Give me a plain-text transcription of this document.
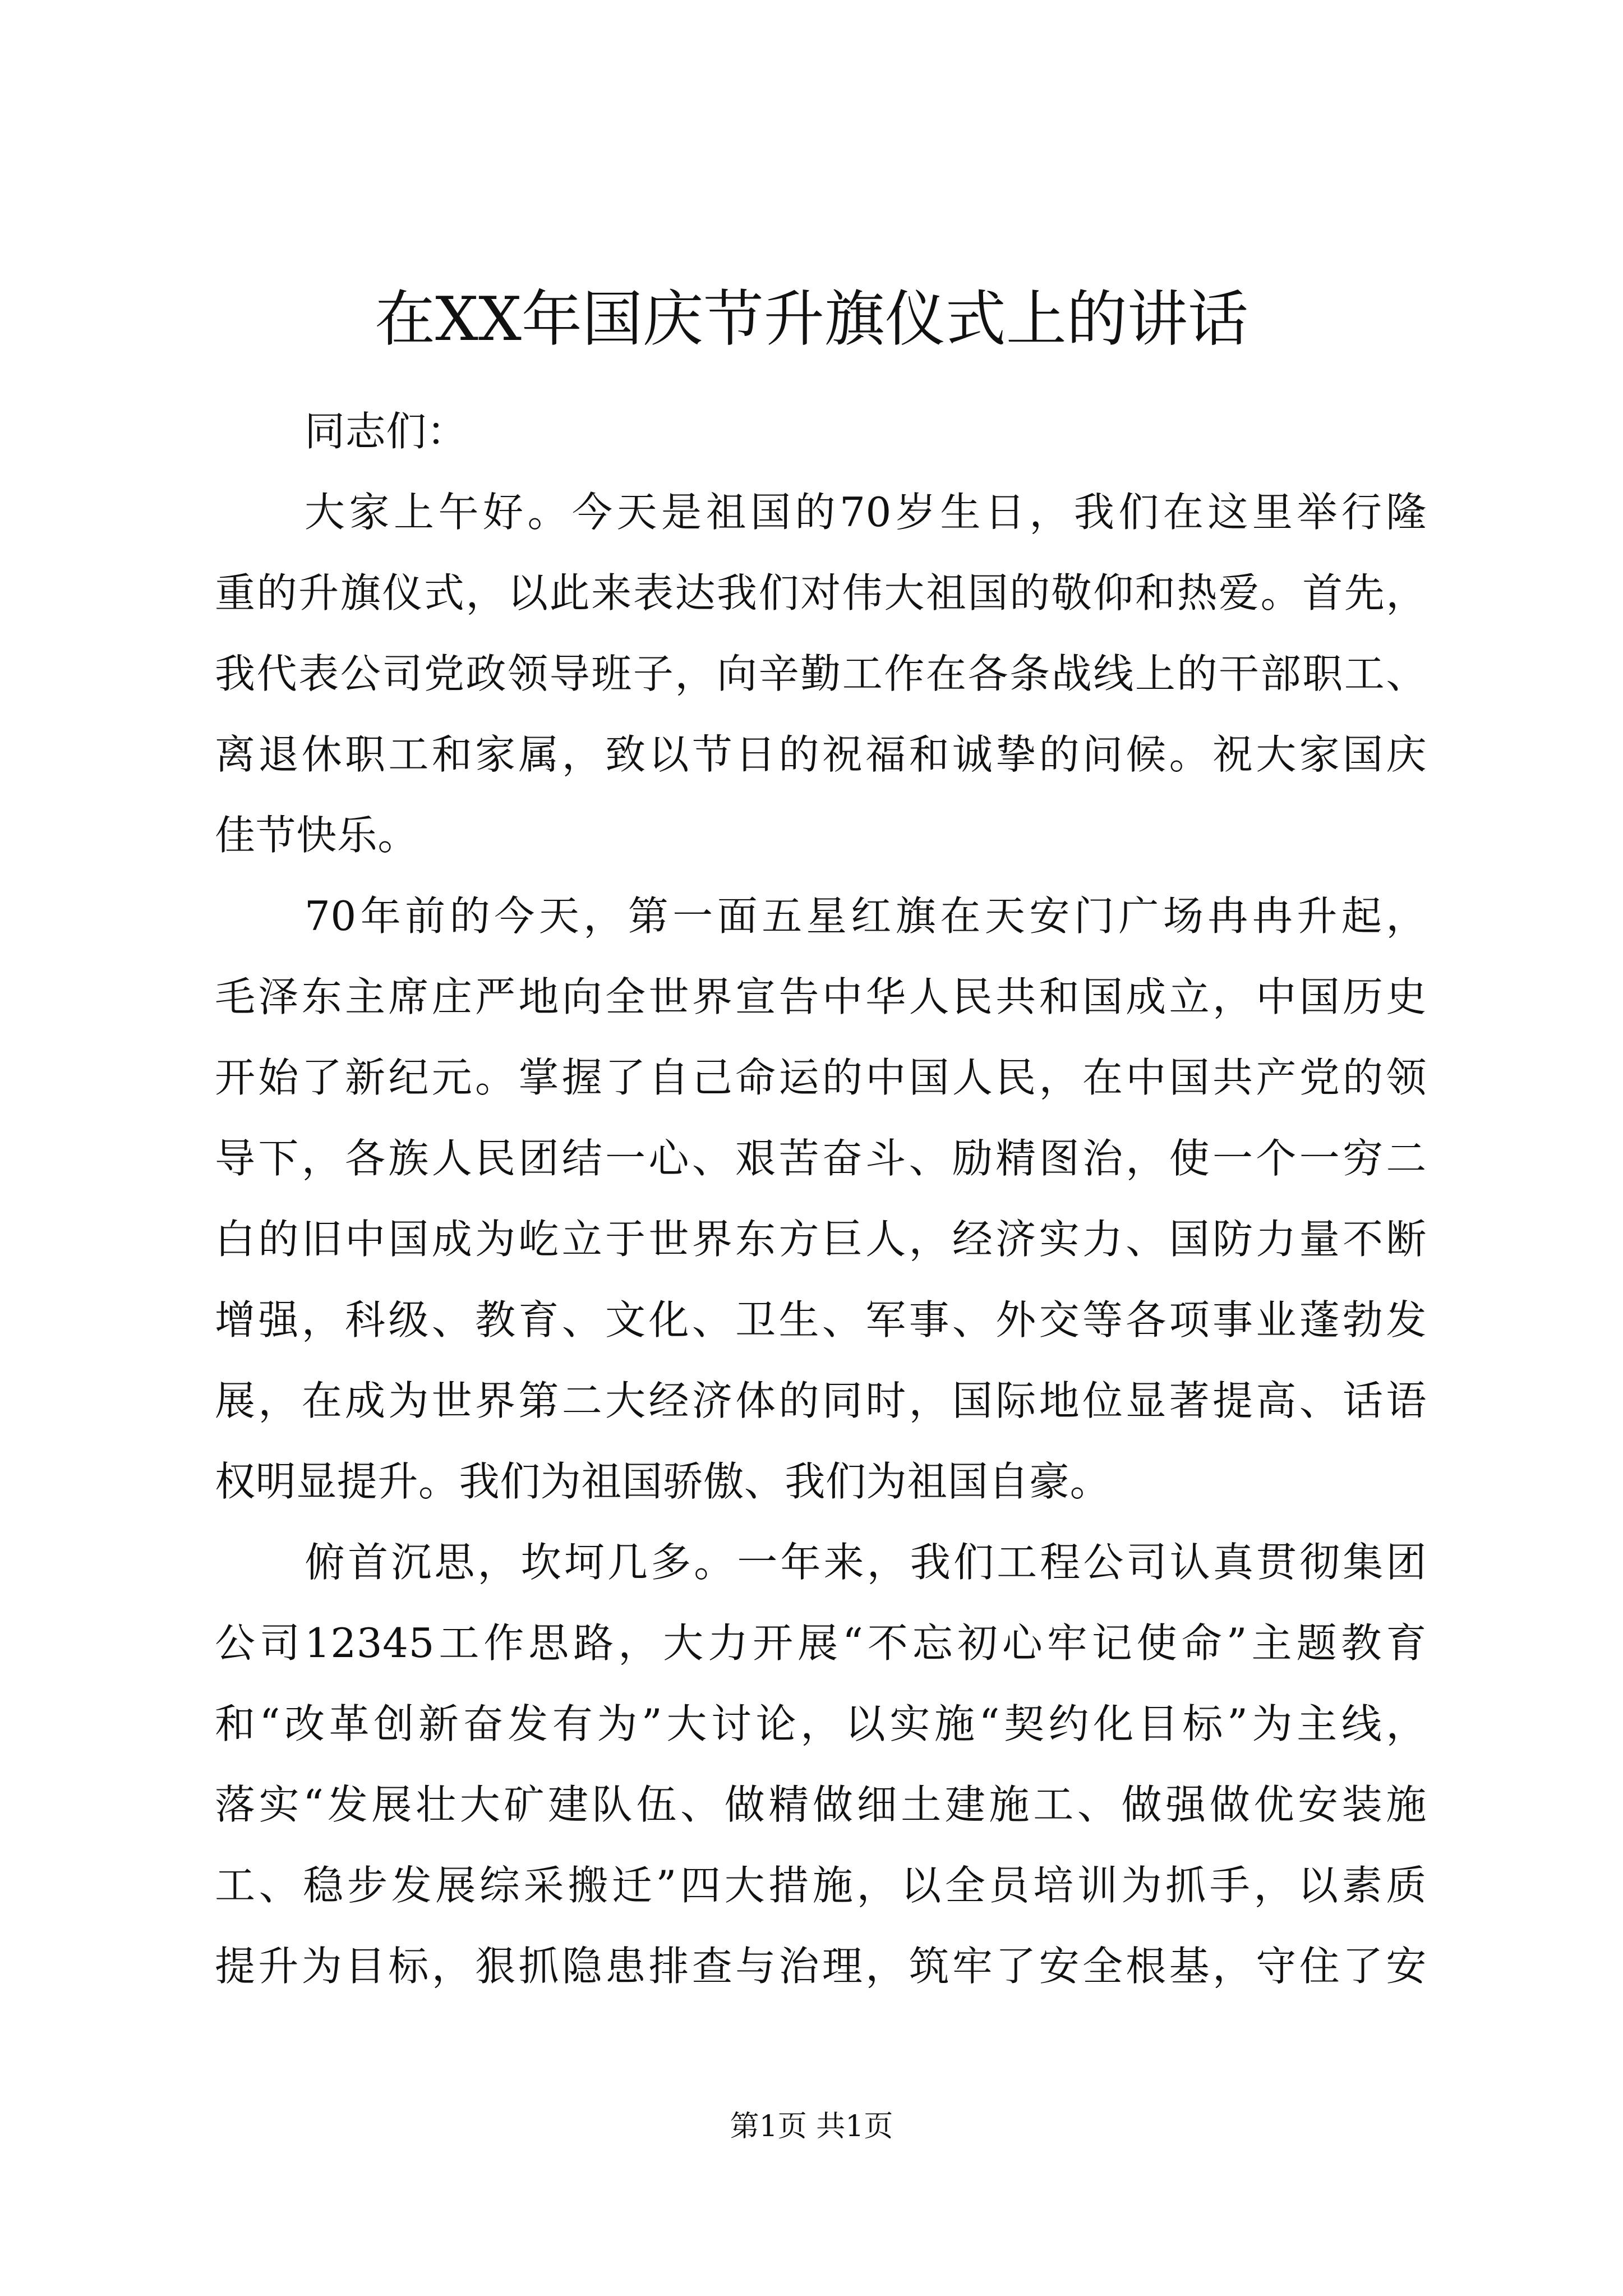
在XX年国庆节升旗仪式上的讲话
同志们：
大家上午好。今天是祖国的70岁生日，我们在这里举行隆
重的升旗仪式，以此来表达我们对伟大祖国的敬仰和热爱。首先，
我代表公司党政领导班子，向辛勤工作在各条战线上的干部职工、
离退休职工和家属，致以节日的祝福和诚挚的问候。祝大家国庆
佳节快乐。
70年前的今天，第一面五星红旗在天安门广场冉冉升起，
毛泽东主席庄严地向全世界宣告中华人民共和国成立，中国历史
开始了新纪元。掌握了自己命运的中国人民，在中国共产党的领
导下，各族人民团结一心、艰苦奋斗、励精图治，使一个一穷二
白的旧中国成为屹立于世界东方巨人，经济实力、国防力量不断
增强，科级、教育、文化、卫生、军事、外交等各项事业蓬勃发
展，在成为世界第二大经济体的同时，国际地位显著提高、话语
权明显提升。我们为祖国骄傲、我们为祖国自豪。
俯首沉思，坎坷几多。一年来，我们工程公司认真贯彻集团
公司12345工作思路，大力开展“不忘初心牢记使命”主题教育
和“改革创新奋发有为”大讨论，以实施“契约化目标”为主线，
落实“发展壮大矿建队伍、做精做细土建施工、做强做优安装施
工、稳步发展综采搬迁”四大措施，以全员培训为抓手，以素质
提升为目标，狠抓隐患排查与治理，筑牢了安全根基，守住了安
第1页 共1页
